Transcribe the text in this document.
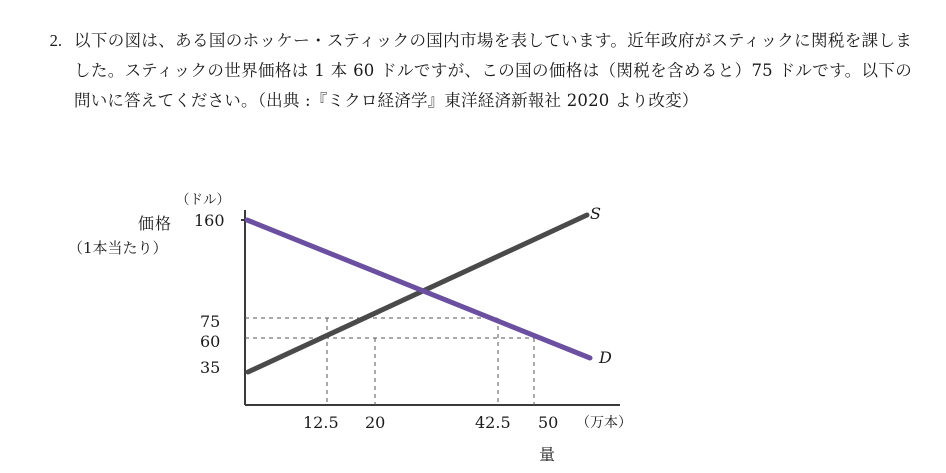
2. 以下の図は、ある国のホッケー・スティックの国内市場を表しています。近年政府がスティックに関税を課しました。スティックの世界価格は 1 本 60 ドルですが、この国の価格は（関税を含めると）75 ドルです。以下の問いに答えてください。（出典 :『ミクロ経済学』東洋経済新報社 2020 より改変）

（ドル）
価格
（1本当たり）
160
75
60
35
S
D
12.5 20	42.5 50 （万本）
量
